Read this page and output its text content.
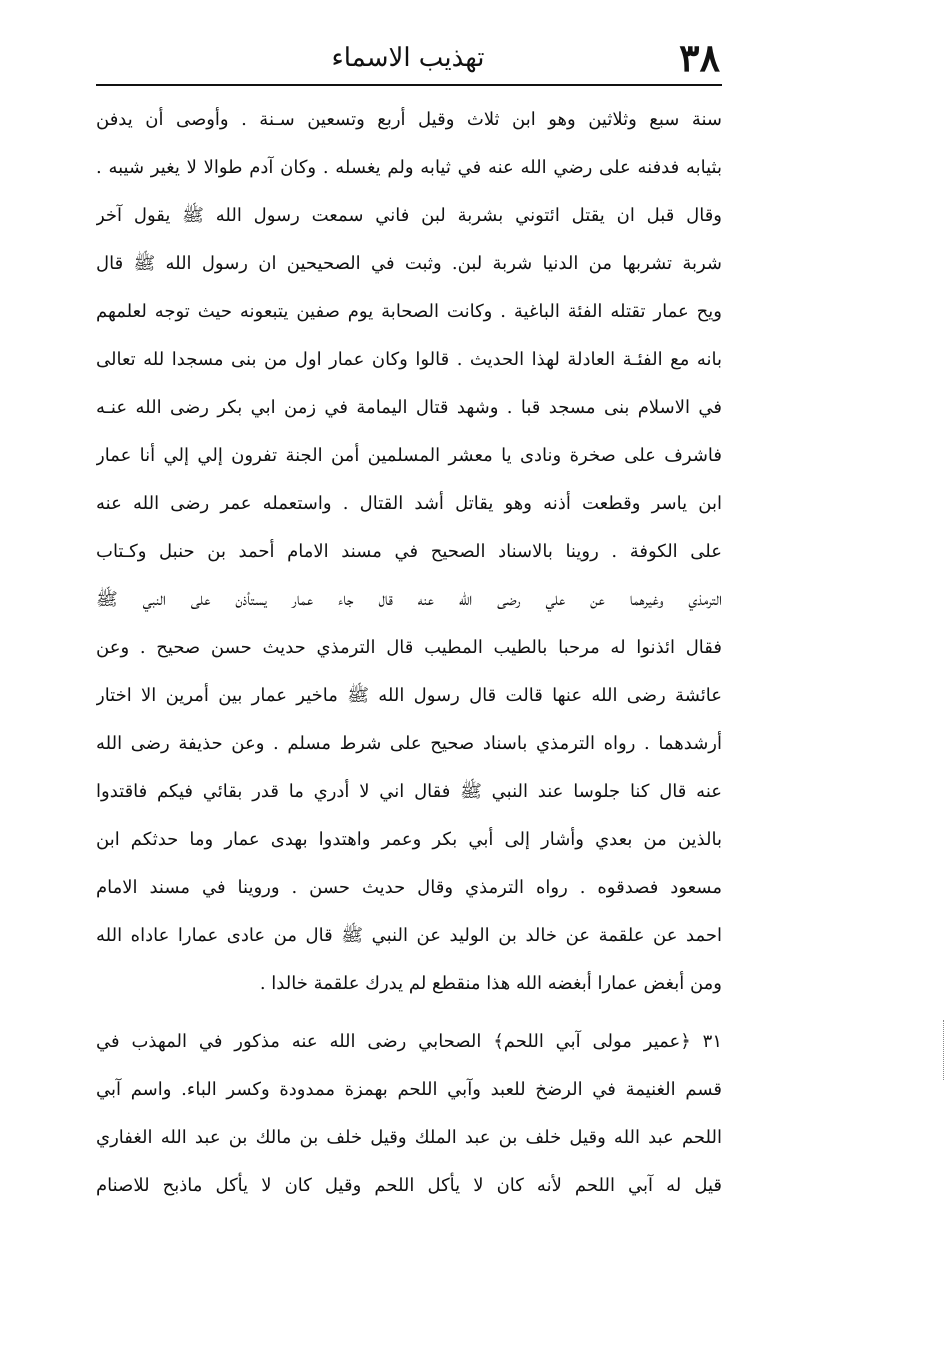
٣٨
تهذيب الاسماء
سنة سبع وثلاثين وهو ابن ثلاث وقيل أربع وتسعين سـنة . وأوصى أن يدفن
بثيابه فدفنه على رضي الله عنه في ثيابه ولم يغسله . وكان آدم طوالا لا يغير شيبه .
وقال قبل ان يقتل ائتوني بشربة لبن فاني سمعت رسول الله ﷺ يقول آخر
شربة تشربها من الدنيا شربة لبن. وثبت في الصحيحين ان رسول الله ﷺ قال
ويح عمار تقتله الفئة الباغية . وكانت الصحابة يوم صفين يتبعونه حيث توجه لعلمهم
بانه مع الفئـة العادلة لهذا الحديث . قالوا وكان عمار اول من بنى مسجدا لله تعالى
في الاسلام بنى مسجد قبا . وشهد قتال اليمامة في زمن ابي بكر رضى الله عنـه
فاشرف على صخرة ونادى يا معشر المسلمين أمن الجنة تفرون إلي إلي أنا عمار
ابن ياسر وقطعت أذنه وهو يقاتل أشد القتال . واستعمله عمر رضى الله عنه
على الكوفة . روينا بالاسناد الصحيح في مسند الامام أحمد بن حنبل وكـتاب
الترمذي وغيرهما عن علي رضى الله عنه قال جاء عمار يستأذن على النبي ﷺ
فقال ائذنوا له مرحبا بالطيب المطيب قال الترمذي حديث حسن صحيح . وعن
عائشة رضى الله عنها قالت قال رسول الله ﷺ ماخير عمار بين أمرين الا اختار
أرشدهما . رواه الترمذي باسناد صحيح على شرط مسلم . وعن حذيفة رضى الله
عنه قال كنا جلوسا عند النبي ﷺ فقال اني لا أدري ما قدر بقائي فيكم فاقتدوا
بالذين من بعدي وأشار إلى أبي بكر وعمر واهتدوا بهدى عمار وما حدثكم ابن
مسعود فصدقوه . رواه الترمذي وقال حديث حسن . وروينا في مسند الامام
احمد عن علقمة عن خالد بن الوليد عن النبي ﷺ قال من عادى عمارا عاداه الله
ومن أبغض عمارا أبغضه الله هذا منقطع لم يدرك علقمة خالدا .
٣١ ﴿عمير مولى آبي اللحم﴾ الصحابي رضى الله عنه مذكور في المهذب في
قسم الغنيمة في الرضخ للعبد وآبي اللحم بهمزة ممدودة وكسر الباء. واسم آبي
اللحم عبد الله وقيل خلف بن عبد الملك وقيل خلف بن مالك بن عبد الله الغفاري
قيل له آبي اللحم لأنه كان لا يأكل اللحم وقيل كان لا يأكل ماذبح للاصنام
